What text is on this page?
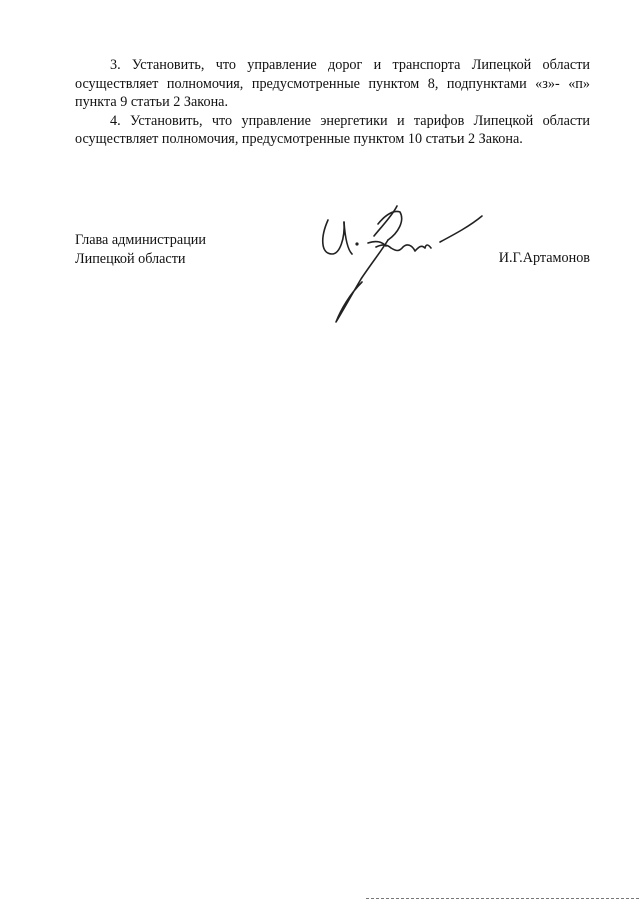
3. Установить, что управление дорог и транспорта Липецкой области осуществляет полномочия, предусмотренные пунктом 8, подпунктами «з»- «п» пункта 9 статьи 2 Закона.

4. Установить, что управление энергетики и тарифов Липецкой области осуществляет полномочия, предусмотренные пунктом 10 статьи 2 Закона.

Глава администрации
Липецкой области	И.Г.Артамонов
